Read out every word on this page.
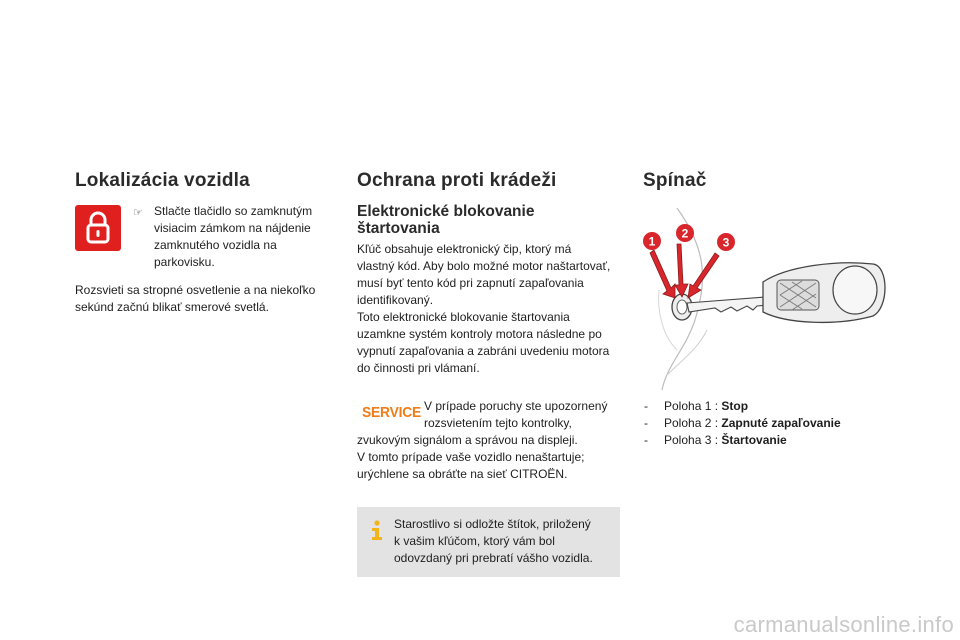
Lokalizácia vozidla
☞ Stlačte tlačidlo so zamknutým
visiacim zámkom na nájdenie
zamknutého vozidla na
parkovisku.

Rozsvieti sa stropné osvetlenie a na niekoľko
sekúnd začnú blikať smerové svetlá.

Ochrana proti krádeži
Elektronické blokovanie
štartovania

Kľúč obsahuje elektronický čip, ktorý má
vlastný kód. Aby bolo možné motor naštartovať,
musí byť tento kód pri zapnutí zapaľovania
identifikovaný.
Toto elektronické blokovanie štartovania
uzamkne systém kontroly motora následne po
vypnutí zapaľovania a zabráni uvedeniu motora
do činnosti pri vlámaní.

SERVICE V prípade poruchy ste upozornený
rozsvietením tejto kontrolky,

zvukovým signálom a správou na displeji.
V tomto prípade vaše vozidlo nenaštartuje;
urýchlene sa obráťte na sieť CITROËN.

Starostlivo si odložte štítok, priložený
k vašim kľúčom, ktorý vám bol
odovzdaný pri prebratí vášho vozidla.
Spínač
1
2
3
- Poloha 1 : Stop
- Poloha 2 : Zapnuté zapaľovanie
- Poloha 3 : Štartovanie
carmanualsonline.info
